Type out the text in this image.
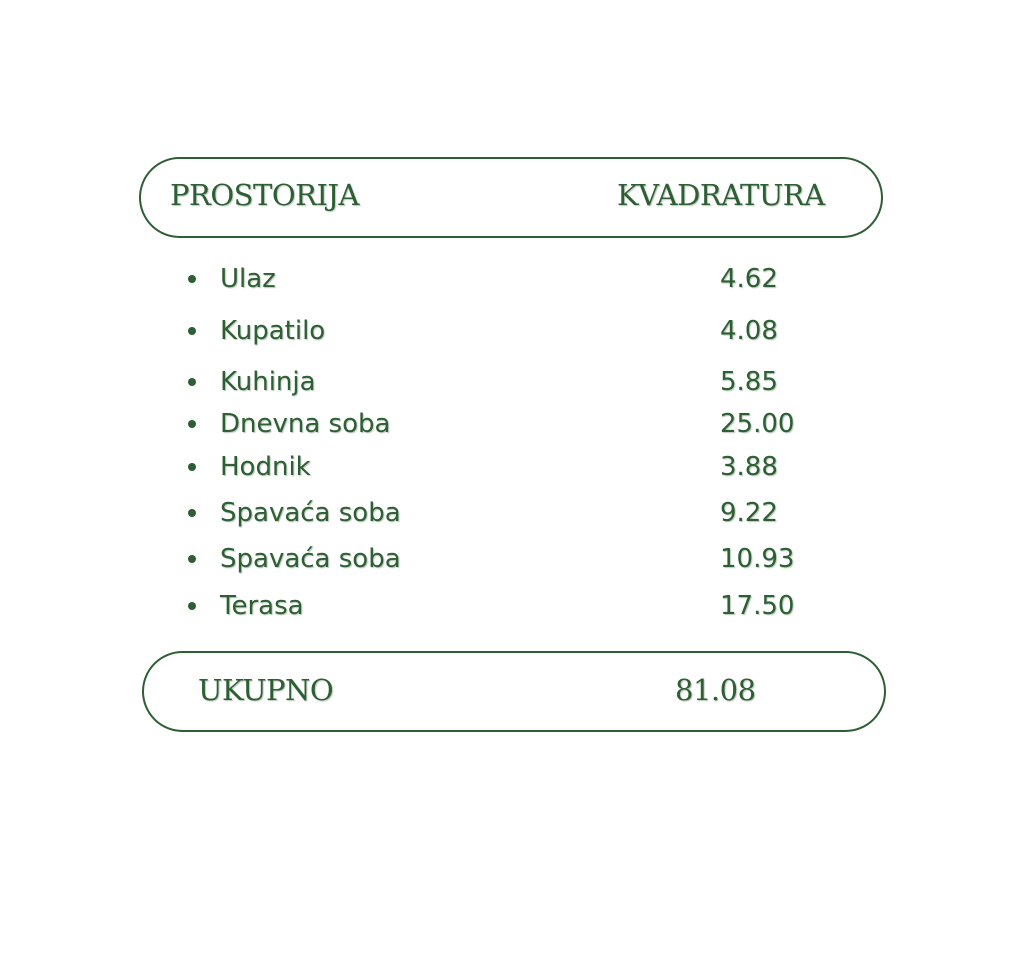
PROSTORIJA	KVADRATURA
Ulaz	4.62
Kupatilo	4.08
Kuhinja	5.85
Dnevna soba	25.00
Hodnik	3.88
Spavaća soba	9.22
Spavaća soba	10.93
Terasa	17.50
UKUPNO	81.08
